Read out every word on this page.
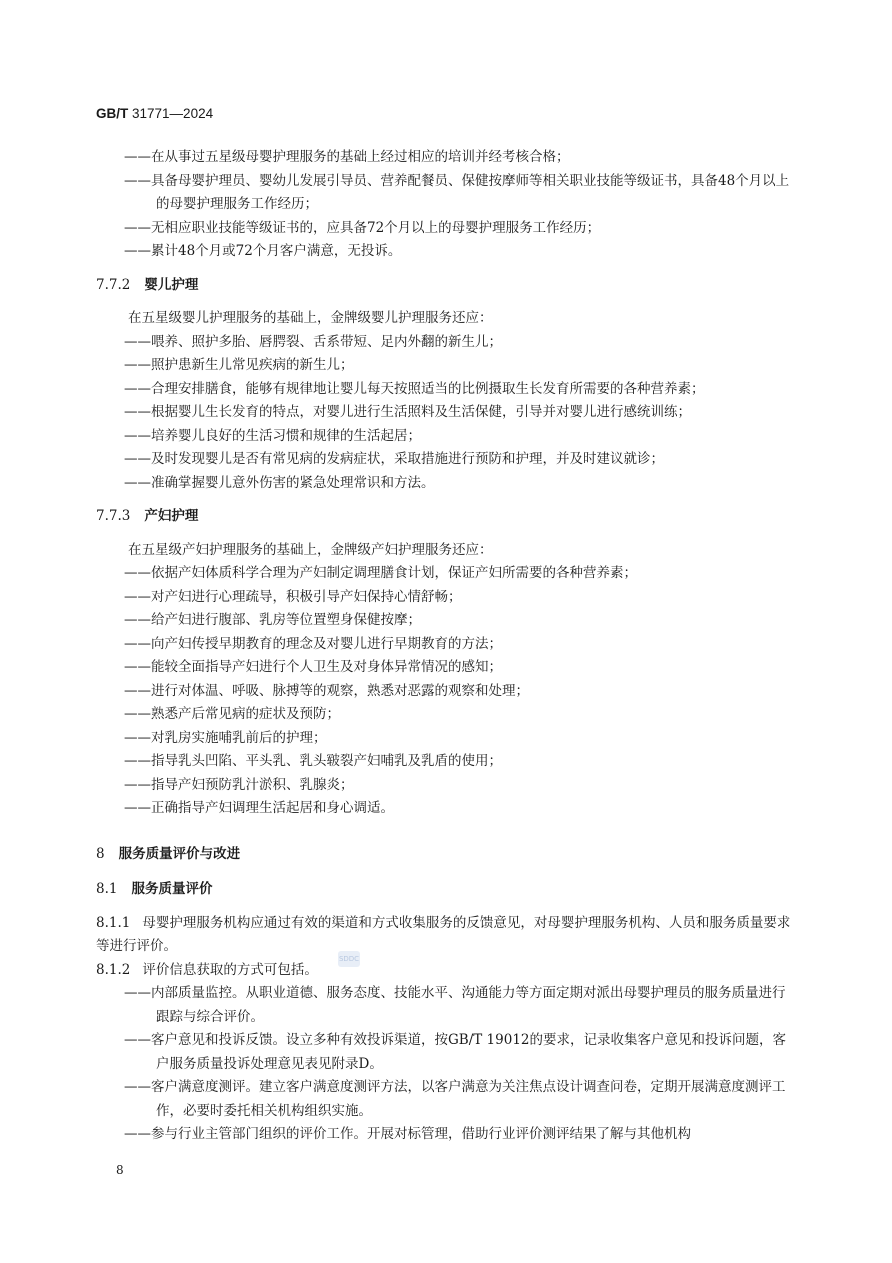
GB/T 31771—2024

——在从事过五星级母婴护理服务的基础上经过相应的培训并经考核合格；

——具备母婴护理员、婴幼儿发展引导员、营养配餐员、保健按摩师等相关职业技能等级证书，具备48个月以上的母婴护理服务工作经历；

——无相应职业技能等级证书的，应具备72个月以上的母婴护理服务工作经历；

——累计48个月或72个月客户满意，无投诉。

7.7.2 婴儿护理

在五星级婴儿护理服务的基础上，金牌级婴儿护理服务还应：

——喂养、照护多胎、唇腭裂、舌系带短、足内外翻的新生儿；

——照护患新生儿常见疾病的新生儿；

——合理安排膳食，能够有规律地让婴儿每天按照适当的比例摄取生长发育所需要的各种营养素；

——根据婴儿生长发育的特点，对婴儿进行生活照料及生活保健，引导并对婴儿进行感统训练；

——培养婴儿良好的生活习惯和规律的生活起居；

——及时发现婴儿是否有常见病的发病症状，采取措施进行预防和护理，并及时建议就诊；

——准确掌握婴儿意外伤害的紧急处理常识和方法。

7.7.3 产妇护理

在五星级产妇护理服务的基础上，金牌级产妇护理服务还应：

——依据产妇体质科学合理为产妇制定调理膳食计划，保证产妇所需要的各种营养素；

——对产妇进行心理疏导，积极引导产妇保持心情舒畅；

——给产妇进行腹部、乳房等位置塑身保健按摩；

——向产妇传授早期教育的理念及对婴儿进行早期教育的方法；

——能较全面指导产妇进行个人卫生及对身体异常情况的感知；

——进行对体温、呼吸、脉搏等的观察，熟悉对恶露的观察和处理；

——熟悉产后常见病的症状及预防；

——对乳房实施哺乳前后的护理；

——指导乳头凹陷、平头乳、乳头皲裂产妇哺乳及乳盾的使用；

——指导产妇预防乳汁淤积、乳腺炎；

——正确指导产妇调理生活起居和身心调适。

8 服务质量评价与改进

8.1 服务质量评价

8.1.1 母婴护理服务机构应通过有效的渠道和方式收集服务的反馈意见，对母婴护理服务机构、人员和服务质量要求等进行评价。

8.1.2 评价信息获取的方式可包括。

——内部质量监控。从职业道德、服务态度、技能水平、沟通能力等方面定期对派出母婴护理员的服务质量进行跟踪与综合评价。

——客户意见和投诉反馈。设立多种有效投诉渠道，按GB/T 19012的要求，记录收集客户意见和投诉问题，客户服务质量投诉处理意见表见附录D。

——客户满意度测评。建立客户满意度测评方法，以客户满意为关注焦点设计调查问卷，定期开展满意度测评工作，必要时委托相关机构组织实施。

——参与行业主管部门组织的评价工作。开展对标管理，借助行业评价测评结果了解与其他机构

SDDC
8
